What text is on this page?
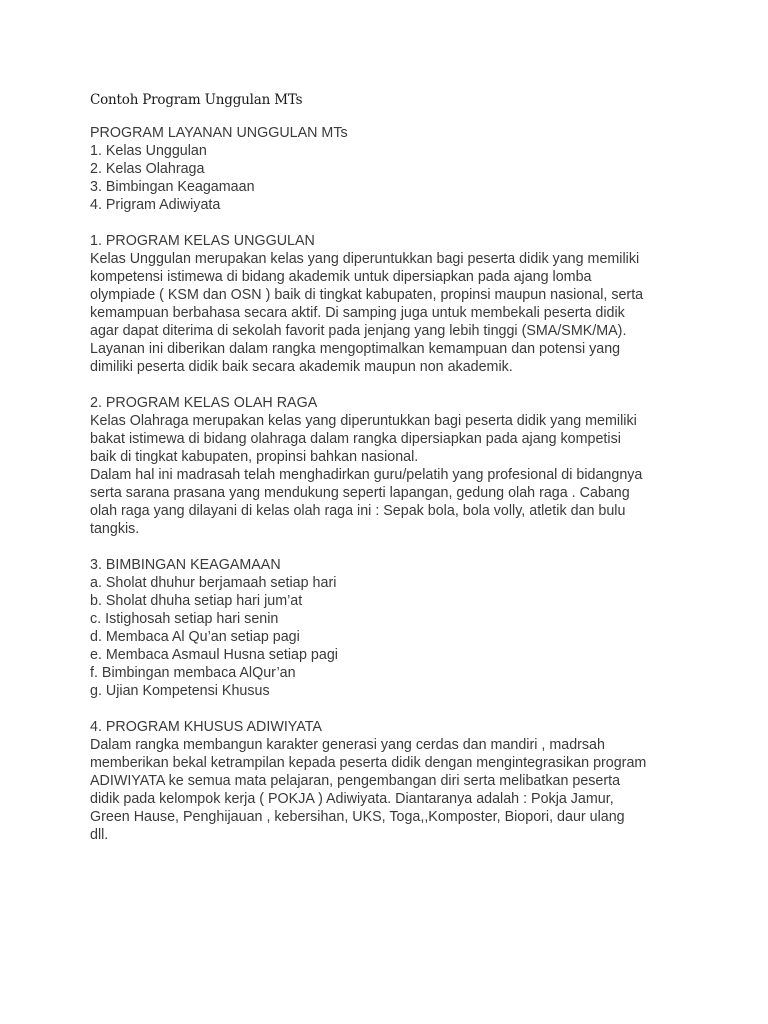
Contoh Program Unggulan MTs
PROGRAM LAYANAN UNGGULAN MTs
1. Kelas Unggulan
2. Kelas Olahraga
3. Bimbingan Keagamaan
4. Prigram Adiwiyata
1. PROGRAM KELAS UNGGULAN
Kelas Unggulan merupakan kelas yang diperuntukkan bagi peserta didik yang memiliki
kompetensi istimewa di bidang akademik untuk dipersiapkan pada ajang lomba
olympiade ( KSM dan OSN ) baik di tingkat kabupaten, propinsi maupun nasional, serta
kemampuan berbahasa secara aktif. Di samping juga untuk membekali peserta didik
agar dapat diterima di sekolah favorit pada jenjang yang lebih tinggi (SMA/SMK/MA).
Layanan ini diberikan dalam rangka mengoptimalkan kemampuan dan potensi yang
dimiliki peserta didik baik secara akademik maupun non akademik.
2. PROGRAM KELAS OLAH RAGA
Kelas Olahraga merupakan kelas yang diperuntukkan bagi peserta didik yang memiliki
bakat istimewa di bidang olahraga dalam rangka dipersiapkan pada ajang kompetisi
baik di tingkat kabupaten, propinsi bahkan nasional.
Dalam hal ini madrasah telah menghadirkan guru/pelatih yang profesional di bidangnya
serta sarana prasana yang mendukung seperti lapangan, gedung olah raga . Cabang
olah raga yang dilayani di kelas olah raga ini : Sepak bola, bola volly, atletik dan bulu
tangkis.
3. BIMBINGAN KEAGAMAAN
a. Sholat dhuhur berjamaah setiap hari
b. Sholat dhuha setiap hari jum’at
c. Istighosah setiap hari senin
d. Membaca Al Qu’an setiap pagi
e. Membaca Asmaul Husna setiap pagi
f. Bimbingan membaca AlQur’an
g. Ujian Kompetensi Khusus
4. PROGRAM KHUSUS ADIWIYATA
Dalam rangka membangun karakter generasi yang cerdas dan mandiri , madrsah
memberikan bekal ketrampilan kepada peserta didik dengan mengintegrasikan program
ADIWIYATA ke semua mata pelajaran, pengembangan diri serta melibatkan peserta
didik pada kelompok kerja ( POKJA ) Adiwiyata. Diantaranya adalah : Pokja Jamur,
Green Hause, Penghijauan , kebersihan, UKS, Toga,,Komposter, Biopori, daur ulang
dll.
